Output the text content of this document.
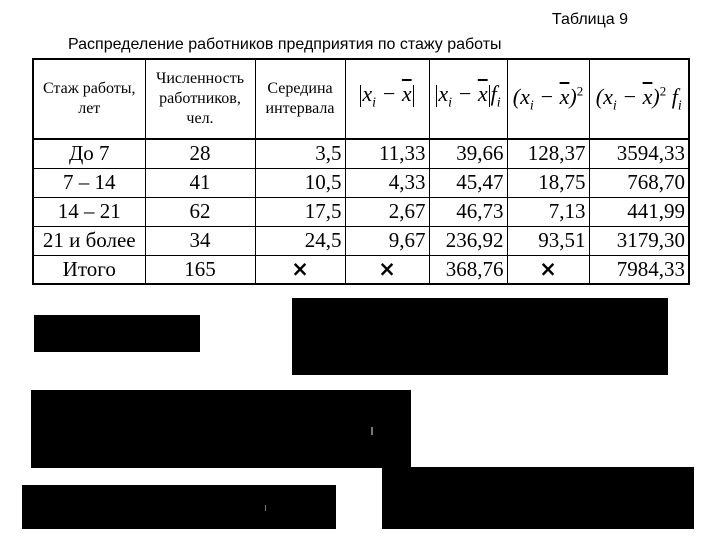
Таблица 9
Распределение работников предприятия по стажу работы
Стаж работы, лет	Численность работников, чел.	Середина интервала	$x_i - \overline{x}$	$x_i - \overline{x}$ $f_i$	$(x_i - \overline{x})^2$	$(x_i - \overline{x})^2$ $f_i$
До 7	28	3,5	11,33	39,66	128,37	3594,33
7 – 14	41	10,5	4,33	45,47	18,75	768,70
14 – 21	62	17,5	2,67	46,73	7,13	441,99
21 и более	34	24,5	9,67	236,92	93,51	3179,30
Итого	165	×	×	368,76	×	7984,33
